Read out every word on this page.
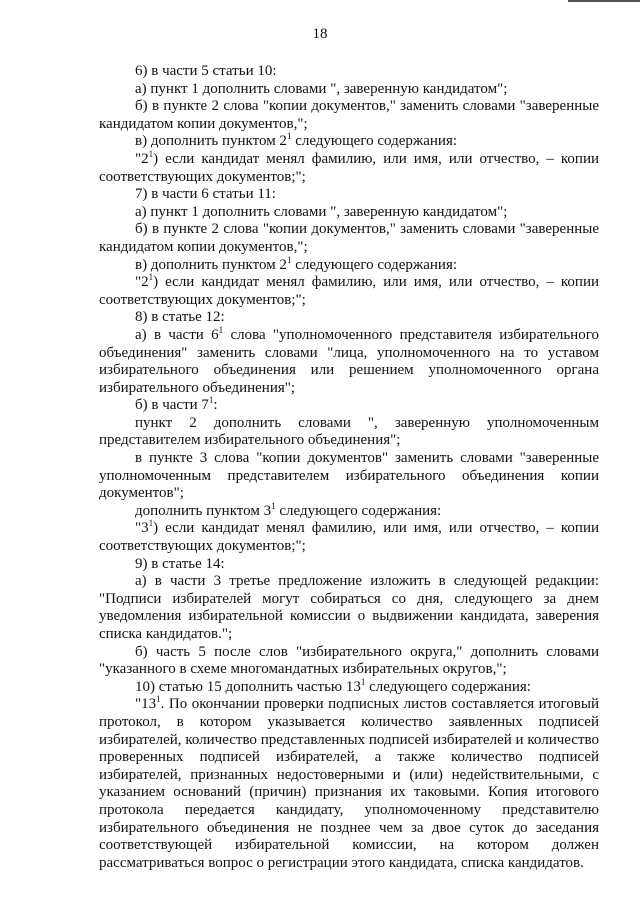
18

6) в части 5 статьи 10:

а) пункт 1 дополнить словами ", заверенную кандидатом";

б) в пункте 2 слова "копии документов," заменить словами "заверенные кандидатом копии документов,";

в) дополнить пунктом $2^1$ следующего содержания:

"$2^1$) если кандидат менял фамилию, или имя, или отчество, – копии соответствующих документов;";

7) в части 6 статьи 11:

а) пункт 1 дополнить словами ", заверенную кандидатом";

б) в пункте 2 слова "копии документов," заменить словами "заверенные кандидатом копии документов,";

в) дополнить пунктом $2^1$ следующего содержания:

"$2^1$) если кандидат менял фамилию, или имя, или отчество, – копии соответствующих документов;";

8) в статье 12:

а) в части $6^1$ слова "уполномоченного представителя избирательного объединения" заменить словами "лица, уполномоченного на то уставом избирательного объединения или решением уполномоченного органа избирательного объединения";

б) в части $7^1$:

пункт 2 дополнить словами ", заверенную уполномоченным представителем избирательного объединения";

в пункте 3 слова "копии документов" заменить словами "заверенные уполномоченным представителем избирательного объединения копии документов";

дополнить пунктом $3^1$ следующего содержания:

"$3^1$) если кандидат менял фамилию, или имя, или отчество, – копии соответствующих документов;";

9) в статье 14:

а) в части 3 третье предложение изложить в следующей редакции: "Подписи избирателей могут собираться со дня, следующего за днем уведомления избирательной комиссии о выдвижении кандидата, заверения списка кандидатов.";

б) часть 5 после слов "избирательного округа," дополнить словами "указанного в схеме многомандатных избирательных округов,";

10) статью 15 дополнить частью $13^1$ следующего содержания:

"$13^1$. По окончании проверки подписных листов составляется итоговый протокол, в котором указывается количество заявленных подписей избирателей, количество представленных подписей избирателей и количество проверенных подписей избирателей, а также количество подписей избирателей, признанных недостоверными и (или) недействительными, с указанием оснований (причин) признания их таковыми. Копия итогового протокола передается кандидату, уполномоченному представителю избирательного объединения не позднее чем за двое суток до заседания соответствующей избирательной комиссии, на котором должен рассматриваться вопрос о регистрации этого кандидата, списка кандидатов.
